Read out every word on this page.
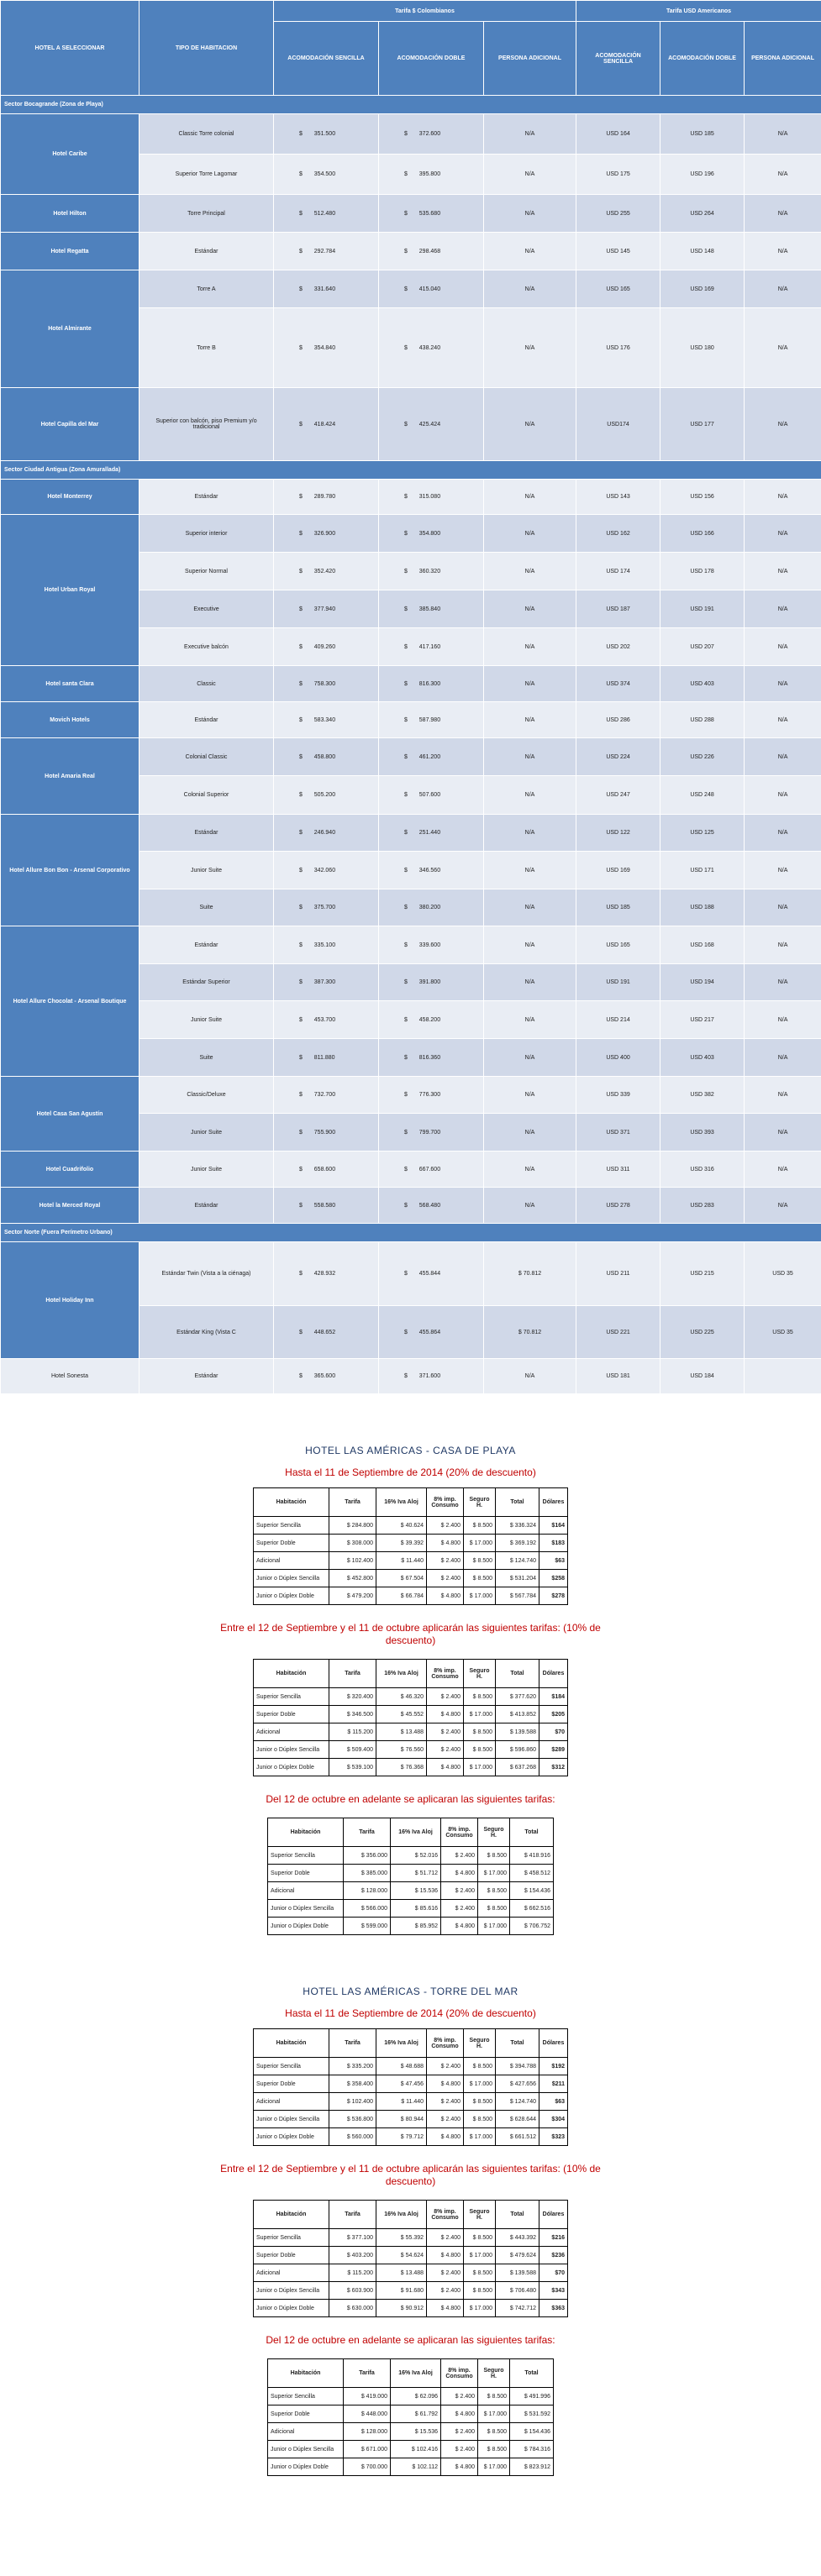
HOTEL A SELECCIONAR	TIPO DE HABITACION	Tarifa $ Colombianos			Tarifa USD Americanos		
		ACOMODACIÓN SENCILLA	ACOMODACIÓN DOBLE	PERSONA ADICIONAL	ACOMODACIÓN SENCILLA	ACOMODACIÓN DOBLE	PERSONA ADICIONAL
Sector Bocagrande (Zona de Playa)							
Hotel Caribe	Classic Torre colonial	$    351.500	$    372.600	N/A	USD 164	USD 185	N/A
	Superior Torre Lagomar	$    354.500	$    395.800	N/A	USD 175	USD 196	N/A
Hotel Hilton	Torre Principal	$    512.480	$    535.680	N/A	USD 255	USD 264	N/A
Hotel Regatta	Estándar	$    292.784	$    298.468	N/A	USD 145	USD 148	N/A
Hotel Almirante	Torre A	$    331.640	$    415.040	N/A	USD 165	USD 169	N/A
	Torre B	$    354.840	$    438.240	N/A	USD 176	USD 180	N/A
Hotel Capilla del Mar	Superior con balcón, piso Premium y/o tradicional	$    418.424	$    425.424	N/A	USD174	USD 177	N/A
Sector Ciudad Antigua (Zona Amurallada)							
Hotel Monterrey	Estándar	$    289.780	$    315.080	N/A	USD 143	USD 156	N/A
Hotel Urban Royal	Superior interior	$    326.900	$    354.800	N/A	USD 162	USD 166	N/A
	Superior Normal	$    352.420	$    360.320	N/A	USD 174	USD 178	N/A
	Executive	$    377.940	$    385.840	N/A	USD 187	USD 191	N/A
	Executive balcón	$    409.260	$    417.160	N/A	USD 202	USD 207	N/A
Hotel santa Clara	Classic	$    758.300	$    816.300	N/A	USD 374	USD 403	N/A
Movich Hotels	Estándar	$    583.340	$    587.980	N/A	USD 286	USD 288	N/A
Hotel Amaria Real	Colonial Classic	$    458.800	$    461.200	N/A	USD 224	USD 226	N/A
	Colonial Superior	$    505.200	$    507.600	N/A	USD 247	USD 248	N/A
Hotel Allure Bon Bon - Arsenal Corporativo	Estándar	$    246.940	$    251.440	N/A	USD 122	USD 125	N/A
	Junior Suite	$    342.060	$    346.560	N/A	USD 169	USD 171	N/A
	Suite	$    375.700	$    380.200	N/A	USD 185	USD 188	N/A
Hotel Allure Chocolat - Arsenal Boutique	Estándar	$    335.100	$    339.600	N/A	USD 165	USD 168	N/A
	Estándar Superior	$    387.300	$    391.800	N/A	USD 191	USD 194	N/A
	Junior Suite	$    453.700	$    458.200	N/A	USD 214	USD 217	N/A
	Suite	$    811.880	$    816.360	N/A	USD 400	USD 403	N/A
Hotel Casa San Agustín	Classic/Deluxe	$    732.700	$    776.300	N/A	USD 339	USD 382	N/A
	Junior Suite	$    755.900	$    799.700	N/A	USD 371	USD 393	N/A
Hotel Cuadrifolio	Junior Suite	$    658.600	$    667.600	N/A	USD 311	USD 316	N/A
Hotel la Merced Royal	Estándar	$    558.580	$    568.480	N/A	USD 278	USD 283	N/A
Sector Norte (Fuera Perímetro Urbano)							
Hotel Holiday Inn	Estándar Twin (Vista a la ciénaga)	$    428.932	$    455.844	$ 70.812	USD 211	USD 215	USD 35
	Estándar King (Vista C	$    448.652	$    455.864	$ 70.812	USD 221	USD 225	USD 35
Hotel Sonesta	Estándar	$    365.600	$    371.600	N/A	USD 181	USD 184	
HOTEL LAS AMÉRICAS - CASA DE PLAYA
Hasta el 11 de Septiembre de 2014 (20% de descuento)
Habitación	Tarifa	16% Iva Aloj	8% imp. Consumo	Seguro H.	Total	Dólares
Superior Sencilla	$ 284.800	$ 40.624	$ 2.400	$ 8.500	$ 336.324	$164
Superior Doble	$ 308.000	$ 39.392	$ 4.800	$ 17.000	$ 369.192	$183
Adicional	$ 102.400	$ 11.440	$ 2.400	$ 8.500	$ 124.740	$63
Junior o Dúplex Sencilla	$ 452.800	$ 67.504	$ 2.400	$ 8.500	$ 531.204	$258
Junior o Dúplex Doble	$ 479.200	$ 66.784	$ 4.800	$ 17.000	$ 567.784	$278
Entre el 12 de Septiembre y el 11 de octubre aplicarán las siguientes tarifas: (10% de descuento)
Habitación	Tarifa	16% Iva Aloj	8% imp. Consumo	Seguro H.	Total	Dólares
Superior Sencilla	$ 320.400	$ 46.320	$ 2.400	$ 8.500	$ 377.620	$184
Superior Doble	$ 346.500	$ 45.552	$ 4.800	$ 17.000	$ 413.852	$205
Adicional	$ 115.200	$ 13.488	$ 2.400	$ 8.500	$ 139.588	$70
Junior o Dúplex Sencilla	$ 509.400	$ 76.560	$ 2.400	$ 8.500	$ 596.860	$289
Junior o Dúplex Doble	$ 539.100	$ 76.368	$ 4.800	$ 17.000	$ 637.268	$312
Del 12 de octubre en adelante se aplicaran las siguientes tarifas:
Habitación	Tarifa	16% Iva Aloj	8% imp. Consumo	Seguro H.	Total
Superior Sencilla	$ 356.000	$ 52.016	$ 2.400	$ 8.500	$ 418.916
Superior Doble	$ 385.000	$ 51.712	$ 4.800	$ 17.000	$ 458.512
Adicional	$ 128.000	$ 15.536	$ 2.400	$ 8.500	$ 154.436
Junior o Dúplex Sencilla	$ 566.000	$ 85.616	$ 2.400	$ 8.500	$ 662.516
Junior o Dúplex Doble	$ 599.000	$ 85.952	$ 4.800	$ 17.000	$ 706.752
HOTEL LAS AMÉRICAS - TORRE DEL MAR
Hasta el 11 de Septiembre de 2014 (20% de descuento)
Habitación	Tarifa	16% Iva Aloj	8% imp. Consumo	Seguro H.	Total	Dólares
Superior Sencilla	$ 335.200	$ 48.688	$ 2.400	$ 8.500	$ 394.788	$192
Superior Doble	$ 358.400	$ 47.456	$ 4.800	$ 17.000	$ 427.656	$211
Adicional	$ 102.400	$ 11.440	$ 2.400	$ 8.500	$ 124.740	$63
Junior o Dúplex Sencilla	$ 536.800	$ 80.944	$ 2.400	$ 8.500	$ 628.644	$304
Junior o Dúplex Doble	$ 560.000	$ 79.712	$ 4.800	$ 17.000	$ 661.512	$323
Entre el 12 de Septiembre y el 11 de octubre aplicarán las siguientes tarifas: (10% de descuento)
Habitación	Tarifa	16% Iva Aloj	8% imp. Consumo	Seguro H.	Total	Dólares
Superior Sencilla	$ 377.100	$ 55.392	$ 2.400	$ 8.500	$ 443.392	$216
Superior Doble	$ 403.200	$ 54.624	$ 4.800	$ 17.000	$ 479.624	$236
Adicional	$ 115.200	$ 13.488	$ 2.400	$ 8.500	$ 139.588	$70
Junior o Dúplex Sencilla	$ 603.900	$ 91.680	$ 2.400	$ 8.500	$ 706.480	$343
Junior o Dúplex Doble	$ 630.000	$ 90.912	$ 4.800	$ 17.000	$ 742.712	$363
Del 12 de octubre en adelante se aplicaran las siguientes tarifas:
Habitación	Tarifa	16% Iva Aloj	8% imp. Consumo	Seguro H.	Total
Superior Sencilla	$ 419.000	$ 62.096	$ 2.400	$ 8.500	$ 491.996
Superior Doble	$ 448.000	$ 61.792	$ 4.800	$ 17.000	$ 531.592
Adicional	$ 128.000	$ 15.536	$ 2.400	$ 8.500	$ 154.436
Junior o Dúplex Sencilla	$ 671.000	$ 102.416	$ 2.400	$ 8.500	$ 784.316
Junior o Dúplex Doble	$ 700.000	$ 102.112	$ 4.800	$ 17.000	$ 823.912
